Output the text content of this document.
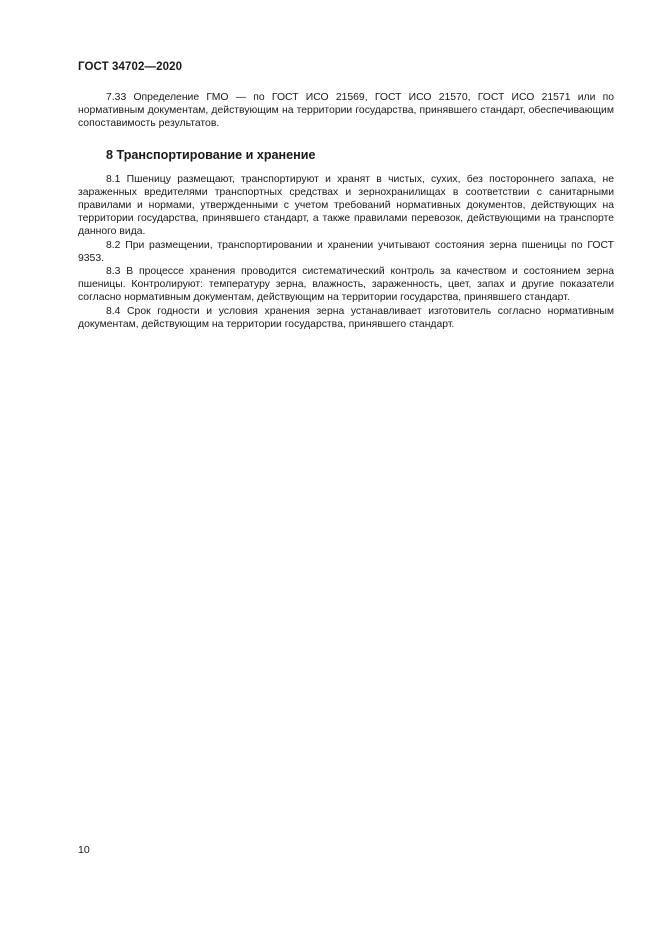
ГОСТ 34702—2020

7.33 Определение ГМО — по ГОСТ ИСО 21569, ГОСТ ИСО 21570, ГОСТ ИСО 21571 или по нормативным документам, действующим на территории государства, принявшего стандарт, обеспечивающим сопоставимость результатов.

8 Транспортирование и хранение

8.1 Пшеницу размещают, транспортируют и хранят в чистых, сухих, без постороннего запаха, не зараженных вредителями транспортных средствах и зернохранилищах в соответствии с санитарными правилами и нормами, утвержденными с учетом требований нормативных документов, действующих на территории государства, принявшего стандарт, а также правилами перевозок, действующими на транспорте данного вида.

8.2 При размещении, транспортировании и хранении учитывают состояния зерна пшеницы по ГОСТ 9353.

8.3 В процессе хранения проводится систематический контроль за качеством и состоянием зерна пшеницы. Контролируют: температуру зерна, влажность, зараженность, цвет, запах и другие показатели согласно нормативным документам, действующим на территории государства, принявшего стандарт.

8.4 Срок годности и условия хранения зерна устанавливает изготовитель согласно нормативным документам, действующим на территории государства, принявшего стандарт.

10
